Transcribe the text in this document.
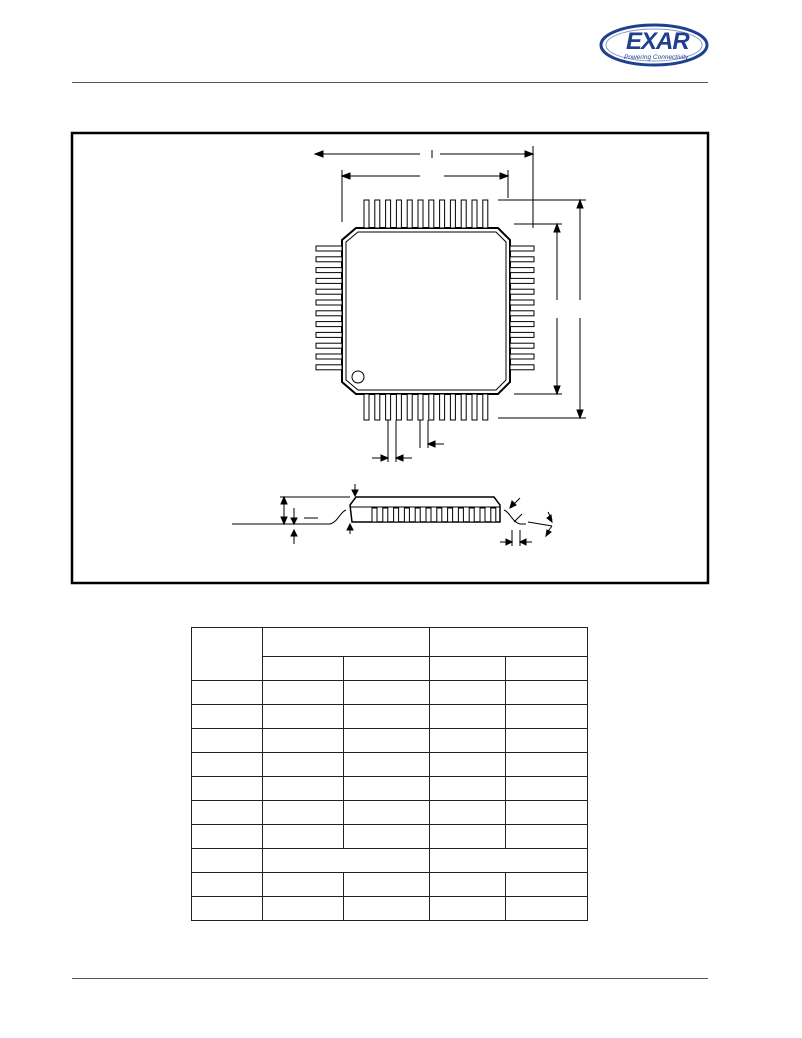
EXAR
Powering Connectivity
